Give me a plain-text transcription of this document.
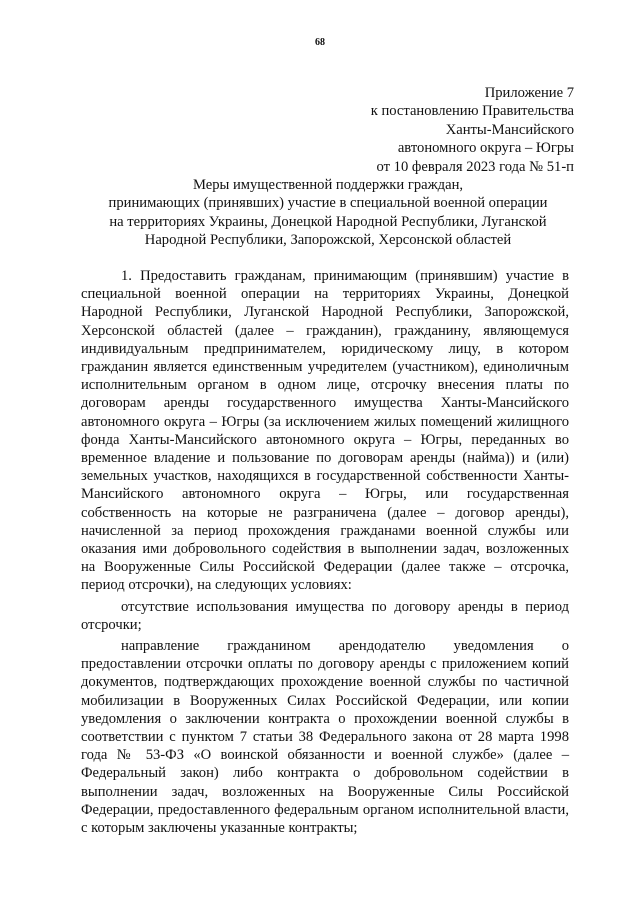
68
Приложение 7
к постановлению Правительства
Ханты-Мансийского
автономного округа – Югры
от 10 февраля 2023 года № 51-п
Меры имущественной поддержки граждан,
принимающих (принявших) участие в специальной военной операции
на территориях Украины, Донецкой Народной Республики, Луганской
Народной Республики, Запорожской, Херсонской областей

1. Предоставить гражданам, принимающим (принявшим) участие в специальной военной операции на территориях Украины, Донецкой Народной Республики, Луганской Народной Республики, Запорожской, Херсонской областей (далее – гражданин), гражданину, являющемуся индивидуальным предпринимателем, юридическому лицу, в котором гражданин является единственным учредителем (участником), единоличным исполнительным органом в одном лице, отсрочку внесения платы по договорам аренды государственного имущества Ханты-Мансийского автономного округа – Югры (за исключением жилых помещений жилищного фонда Ханты-Мансийского автономного округа – Югры, переданных во временное владение и пользование по договорам аренды (найма)) и (или) земельных участков, находящихся в государственной собственности Ханты-Мансийского автономного округа – Югры, или государственная собственность на которые не разграничена (далее – договор аренды), начисленной за период прохождения гражданами военной службы или оказания ими добровольного содействия в выполнении задач, возложенных на Вооруженные Силы Российской Федерации (далее также – отсрочка, период отсрочки), на следующих условиях:

отсутствие использования имущества по договору аренды в период отсрочки;

направление гражданином арендодателю уведомления о предоставлении отсрочки оплаты по договору аренды с приложением копий документов, подтверждающих прохождение военной службы по частичной мобилизации в Вооруженных Силах Российской Федерации, или копии уведомления о заключении контракта о прохождении военной службы в соответствии с пунктом 7 статьи 38 Федерального закона от 28 марта 1998 года № 53-ФЗ «О воинской обязанности и военной службе» (далее – Федеральный закон) либо контракта о добровольном содействии в выполнении задач, возложенных на Вооруженные Силы Российской Федерации, предоставленного федеральным органом исполнительной власти, с которым заключены указанные контракты;
